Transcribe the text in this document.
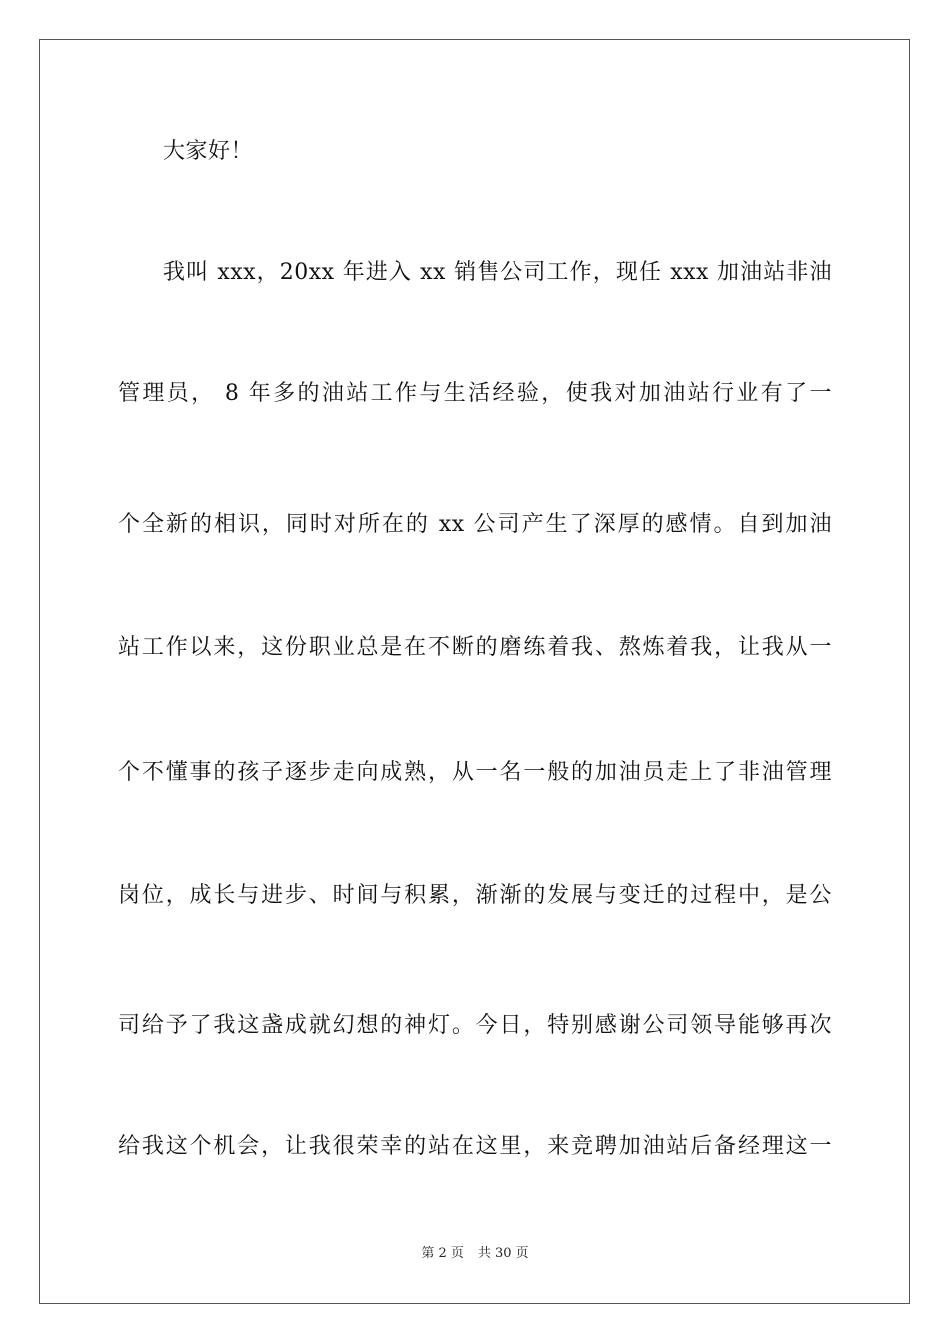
大家好！
我叫 xxx，20xx 年进入 xx 销售公司工作，现任 xxx 加油站非油
管理员， 8 年多的油站工作与生活经验，使我对加油站行业有了一
个全新的相识，同时对所在的 xx 公司产生了深厚的感情。自到加油
站工作以来，这份职业总是在不断的磨练着我、熬炼着我，让我从一
个不懂事的孩子逐步走向成熟，从一名一般的加油员走上了非油管理
岗位，成长与进步、时间与积累，渐渐的发展与变迁的过程中，是公
司给予了我这盏成就幻想的神灯。今日，特别感谢公司领导能够再次
给我这个机会，让我很荣幸的站在这里，来竞聘加油站后备经理这一
第 2 页 共 30 页
